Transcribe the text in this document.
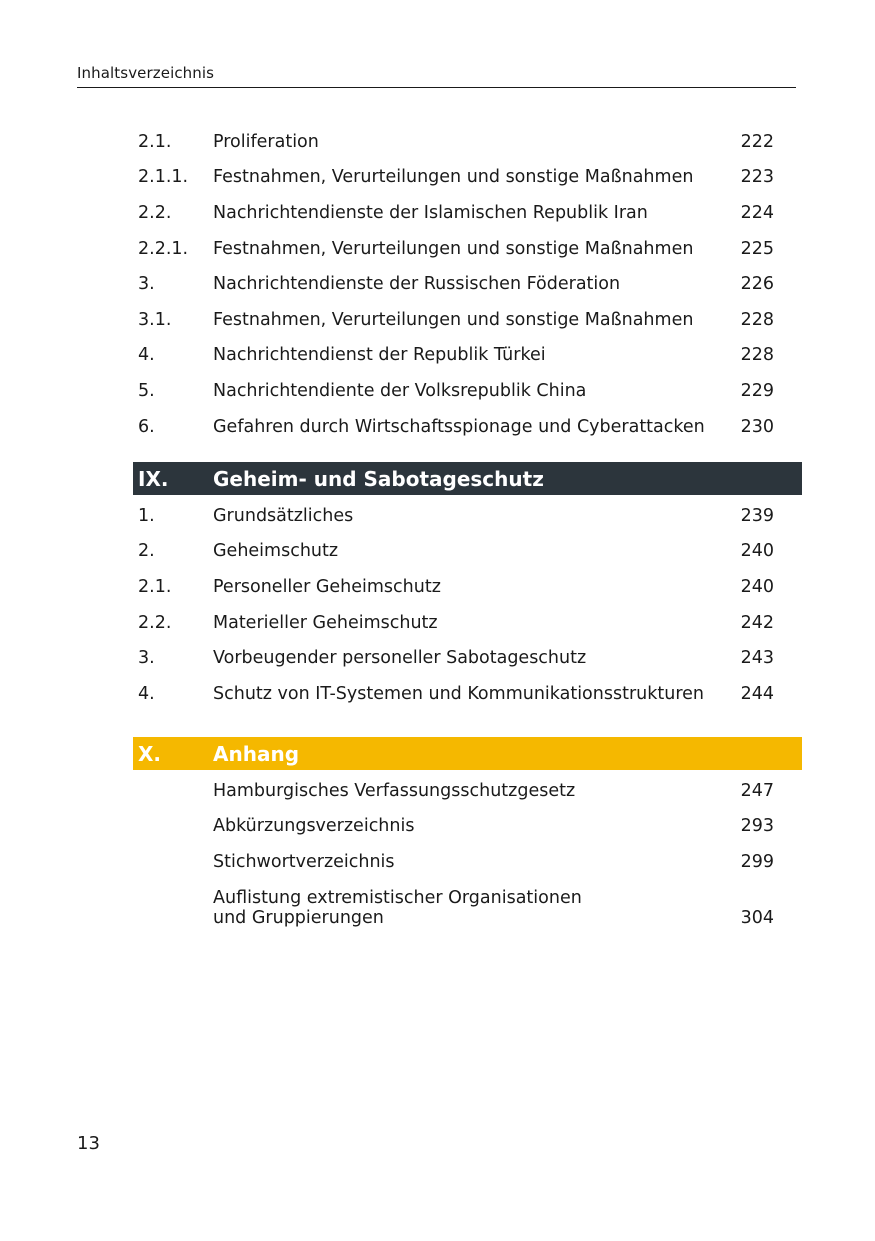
Inhaltsverzeichnis
2.1. Proliferation	222
2.1.1. Festnahmen, Verurteilungen und sonstige Maßnahmen	223
2.2. Nachrichtendienste der Islamischen Republik Iran	224
2.2.1. Festnahmen, Verurteilungen und sonstige Maßnahmen	225
3.	Nachrichtendienste der Russischen Föderation	226
3.1. Festnahmen, Verurteilungen und sonstige Maßnahmen	228
4.	Nachrichtendienst der Republik Türkei	228
5.	Nachrichtendiente der Volksrepublik China	229
6.	Gefahren durch Wirtschaftsspionage und Cyberattacken 230
IX. Geheim- und Sabotageschutz
1.	Grundsätzliches	239
2.	Geheimschutz	240
2.1. Personeller Geheimschutz	240
2.2. Materieller Geheimschutz	242
3.	Vorbeugender personeller Sabotageschutz	243
4.	Schutz von IT-Systemen und Kommunikationsstrukturen 244
X.	Anhang
Hamburgisches Verfassungsschutzgesetz	247
Abkürzungsverzeichnis	293
Stichwortverzeichnis	299
Auflistung extremistischer Organisationen
und Gruppierungen	304
13
